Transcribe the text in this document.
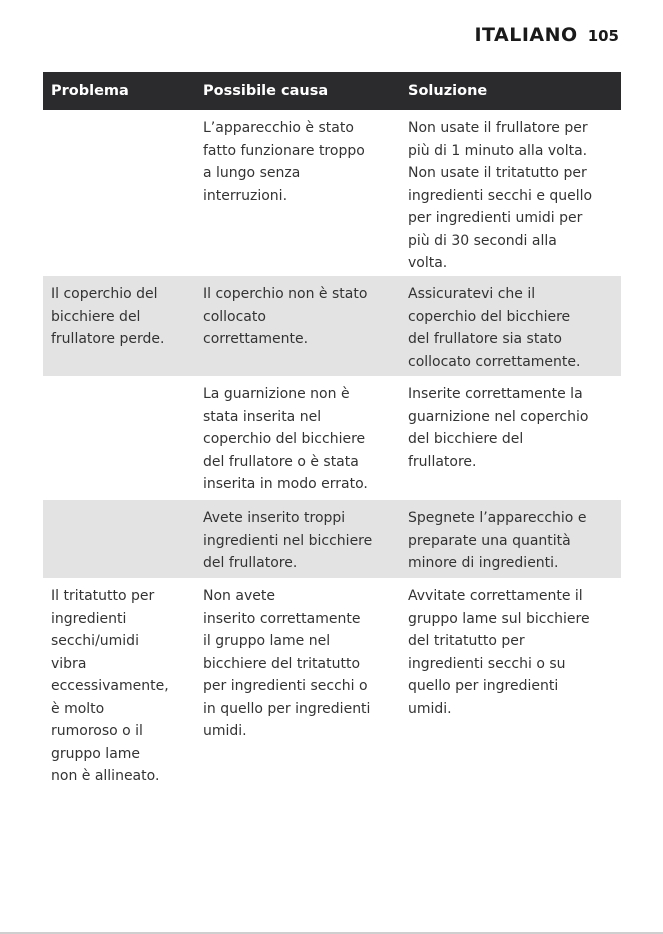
ITALIANO 105
Problema	Possibile causa	Soluzione
L’apparecchio è stato
fatto funzionare troppo
a lungo senza
interruzioni.
Non usate il frullatore per
più di 1 minuto alla volta.
Non usate il tritatutto per
ingredienti secchi e quello
per ingredienti umidi per
più di 30 secondi alla
volta.
Il coperchio del
bicchiere del
frullatore perde.
Il coperchio non è stato
collocato
correttamente.
Assicuratevi che il
coperchio del bicchiere
del frullatore sia stato
collocato correttamente.
La guarnizione non è
stata inserita nel
coperchio del bicchiere
del frullatore o è stata
inserita in modo errato.
Inserite correttamente la
guarnizione nel coperchio
del bicchiere del
frullatore.
Avete inserito troppi
ingredienti nel bicchiere
del frullatore.
Spegnete l’apparecchio e
preparate una quantità
minore di ingredienti.
Il tritatutto per
ingredienti
secchi/umidi
vibra
eccessivamente,
è molto
rumoroso o il
gruppo lame
non è allineato.
Non avete
inserito correttamente
il gruppo lame nel
bicchiere del tritatutto
per ingredienti secchi o
in quello per ingredienti
umidi.
Avvitate correttamente il
gruppo lame sul bicchiere
del tritatutto per
ingredienti secchi o su
quello per ingredienti
umidi.
